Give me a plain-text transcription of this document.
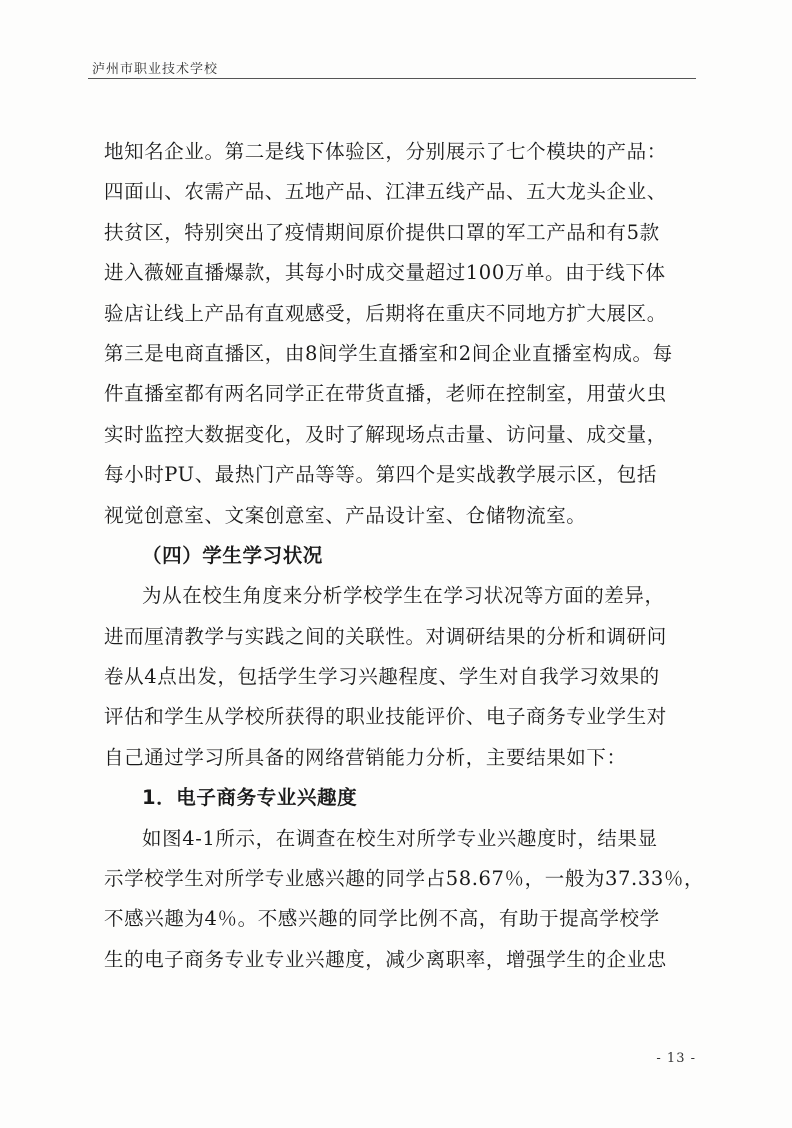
泸州市职业技术学校
地知名企业。第二是线下体验区，分别展示了七个模块的产品：
四面山、农需产品、五地产品、江津五线产品、五大龙头企业、
扶贫区，特别突出了疫情期间原价提供口罩的军工产品和有5款
进入薇娅直播爆款，其每小时成交量超过100万单。由于线下体
验店让线上产品有直观感受，后期将在重庆不同地方扩大展区。
第三是电商直播区，由8间学生直播室和2间企业直播室构成。每
件直播室都有两名同学正在带货直播，老师在控制室，用萤火虫
实时监控大数据变化，及时了解现场点击量、访问量、成交量，
每小时PU、最热门产品等等。第四个是实战教学展示区，包括
视觉创意室、文案创意室、产品设计室、仓储物流室。
（四）学生学习状况
为从在校生角度来分析学校学生在学习状况等方面的差异，
进而厘清教学与实践之间的关联性。对调研结果的分析和调研问
卷从4点出发，包括学生学习兴趣程度、学生对自我学习效果的
评估和学生从学校所获得的职业技能评价、电子商务专业学生对
自己通过学习所具备的网络营销能力分析，主要结果如下：
1．电子商务专业兴趣度
如图4-1所示，在调查在校生对所学专业兴趣度时，结果显
示学校学生对所学专业感兴趣的同学占58.67％，一般为37.33％，
不感兴趣为4％。不感兴趣的同学比例不高，有助于提高学校学
生的电子商务专业专业兴趣度，减少离职率，增强学生的企业忠
- 13 -
